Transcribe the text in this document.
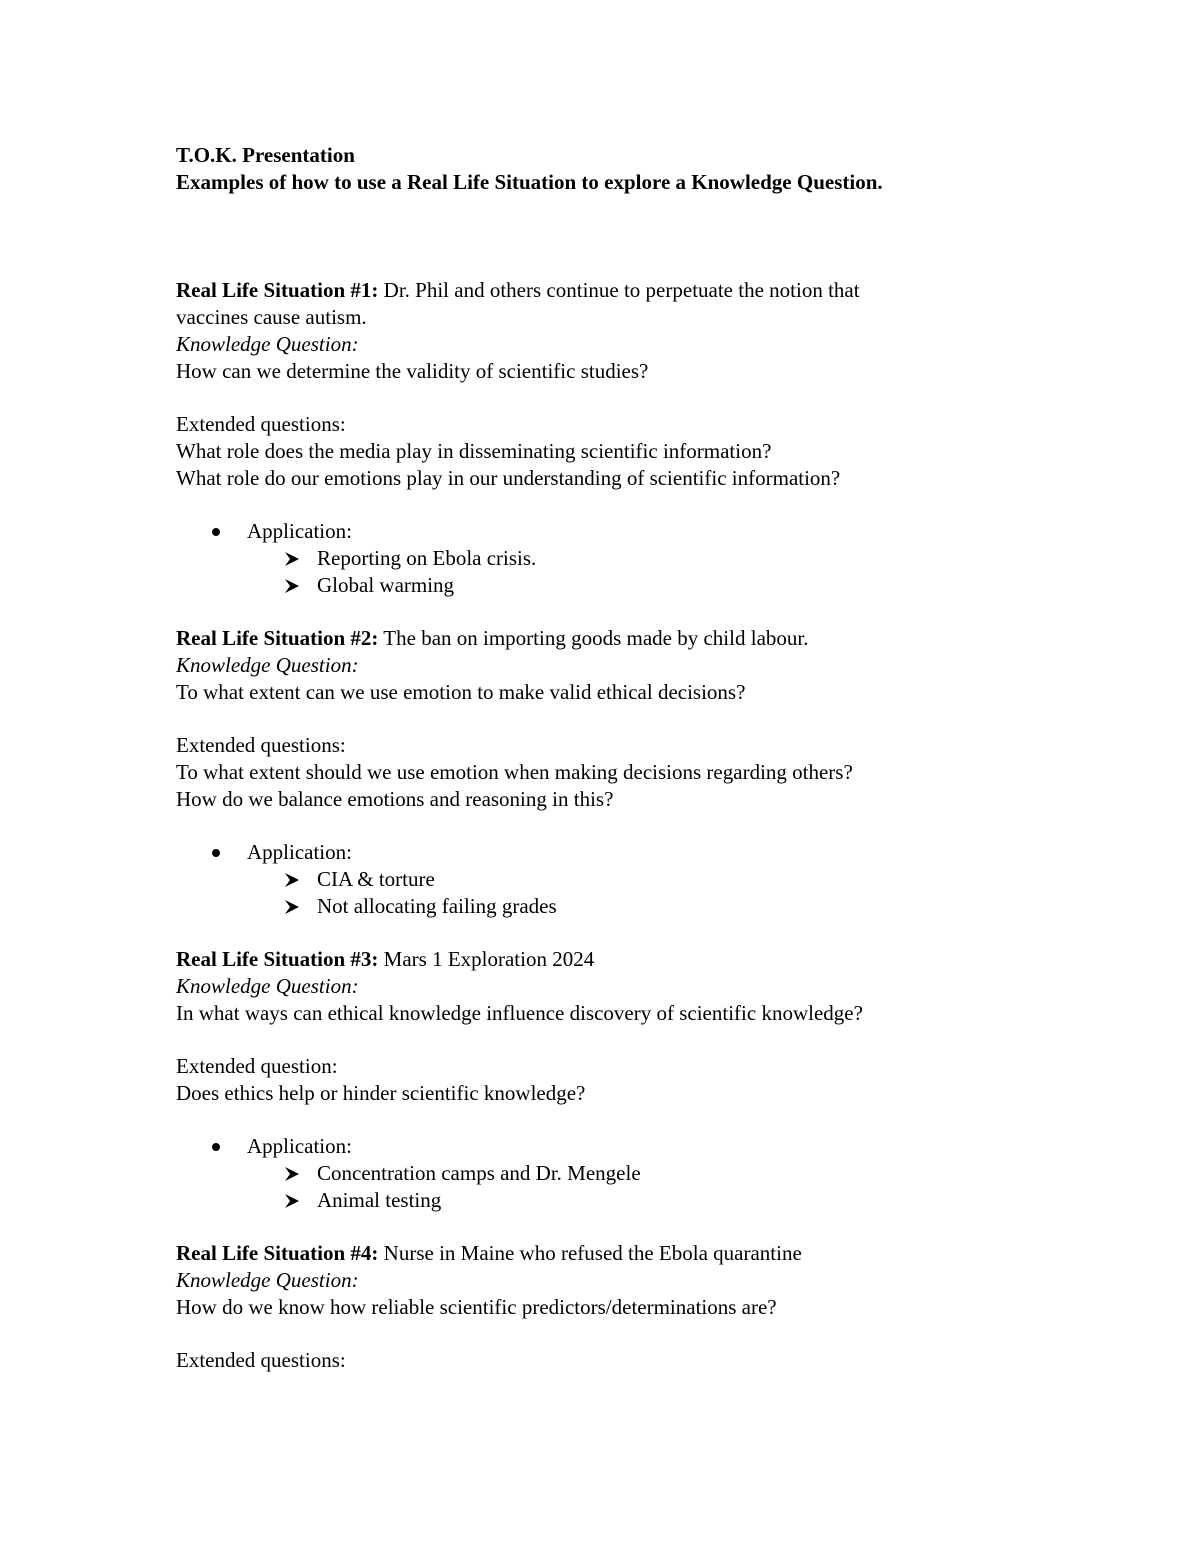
T.O.K. Presentation
Examples of how to use a Real Life Situation to explore a Knowledge Question.
Real Life Situation #1: Dr. Phil and others continue to perpetuate the notion that
vaccines cause autism.
Knowledge Question:
How can we determine the validity of scientific studies?
Extended questions:
What role does the media play in disseminating scientific information?
What role do our emotions play in our understanding of scientific information?
Application:
Reporting on Ebola crisis.
Global warming
Real Life Situation #2: The ban on importing goods made by child labour.
Knowledge Question:
To what extent can we use emotion to make valid ethical decisions?
Extended questions:
To what extent should we use emotion when making decisions regarding others?
How do we balance emotions and reasoning in this?
Application:
CIA & torture
Not allocating failing grades
Real Life Situation #3: Mars 1 Exploration 2024
Knowledge Question:
In what ways can ethical knowledge influence discovery of scientific knowledge?
Extended question:
Does ethics help or hinder scientific knowledge?
Application:
Concentration camps and Dr. Mengele
Animal testing
Real Life Situation #4: Nurse in Maine who refused the Ebola quarantine
Knowledge Question:
How do we know how reliable scientific predictors/determinations are?
Extended questions:
